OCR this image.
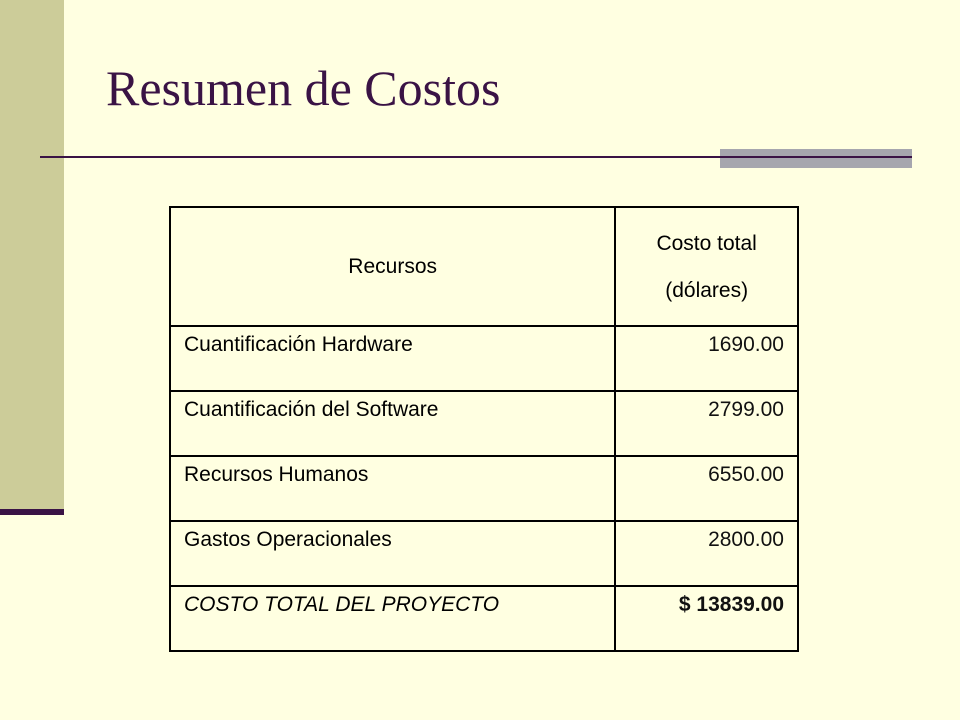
Resumen de Costos
Recursos	Costo total
(dólares)

Cuantificación Hardware	1690.00
Cuantificación del Software	2799.00
Recursos Humanos	6550.00
Gastos Operacionales	2800.00
COSTO TOTAL DEL PROYECTO	$ 13839.00
